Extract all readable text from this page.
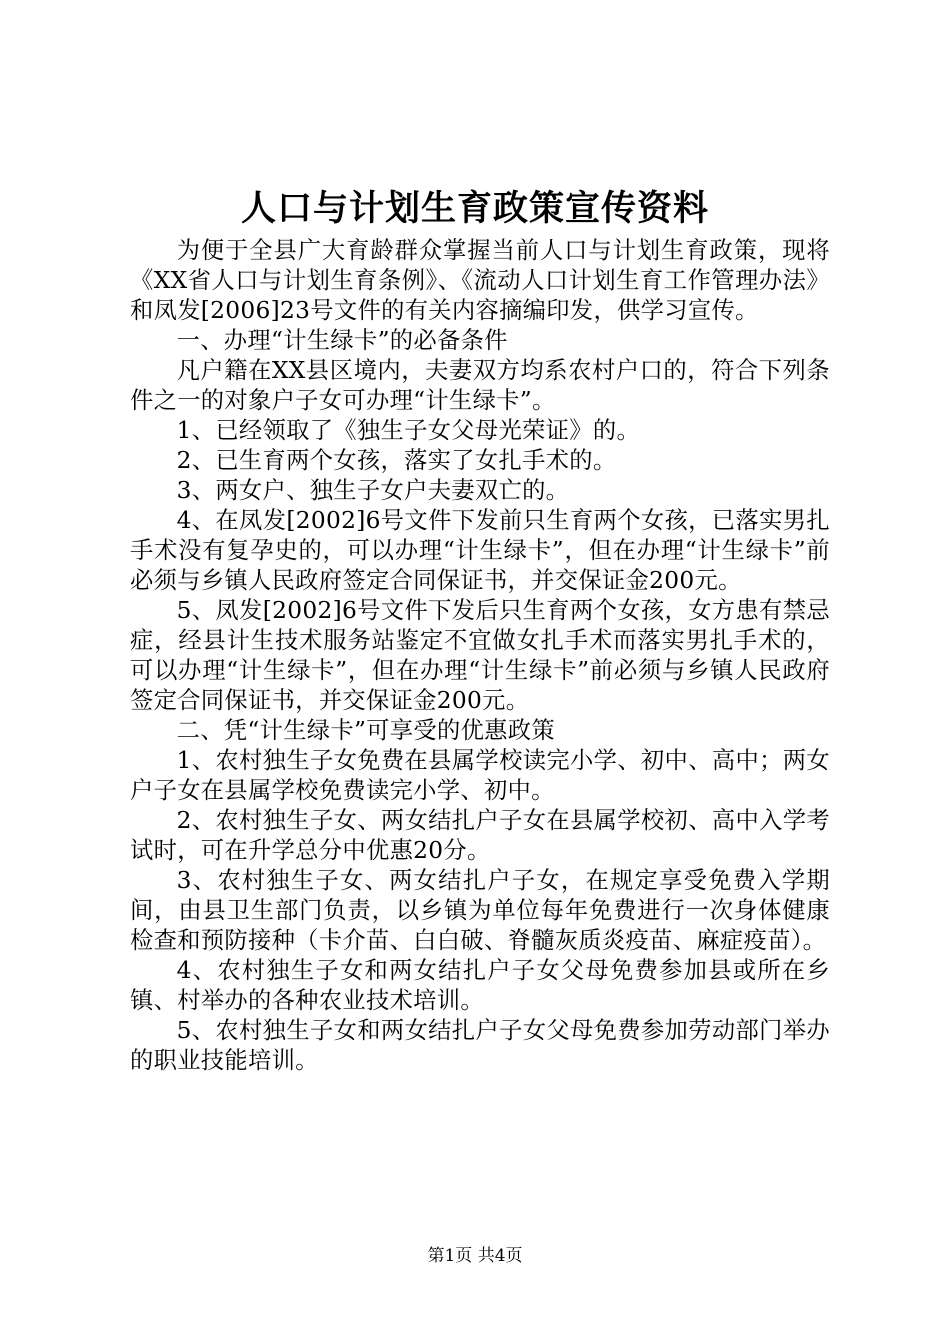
人口与计划生育政策宣传资料

为便于全县广大育龄群众掌握当前人口与计划生育政策，现将《XX省人口与计划生育条例》、《流动人口计划生育工作管理办法》和凤发[2006]23号文件的有关内容摘编印发，供学习宣传。

一、办理“计生绿卡”的必备条件

凡户籍在XX县区境内，夫妻双方均系农村户口的，符合下列条件之一的对象户子女可办理“计生绿卡”。

1、已经领取了《独生子女父母光荣证》的。

2、已生育两个女孩，落实了女扎手术的。

3、两女户、独生子女户夫妻双亡的。

4、在凤发[2002]6号文件下发前只生育两个女孩，已落实男扎手术没有复孕史的，可以办理“计生绿卡”，但在办理“计生绿卡”前必须与乡镇人民政府签定合同保证书，并交保证金200元。

5、凤发[2002]6号文件下发后只生育两个女孩，女方患有禁忌症，经县计生技术服务站鉴定不宜做女扎手术而落实男扎手术的，可以办理“计生绿卡”，但在办理“计生绿卡”前必须与乡镇人民政府签定合同保证书，并交保证金200元。

二、凭“计生绿卡”可享受的优惠政策

1、农村独生子女免费在县属学校读完小学、初中、高中；两女户子女在县属学校免费读完小学、初中。

2、农村独生子女、两女结扎户子女在县属学校初、高中入学考试时，可在升学总分中优惠20分。

3、农村独生子女、两女结扎户子女，在规定享受免费入学期间，由县卫生部门负责，以乡镇为单位每年免费进行一次身体健康检查和预防接种（卡介苗、白白破、脊髓灰质炎疫苗、麻症疫苗）。

4、农村独生子女和两女结扎户子女父母免费参加县或所在乡镇、村举办的各种农业技术培训。

5、农村独生子女和两女结扎户子女父母免费参加劳动部门举办的职业技能培训。

第1页 共4页
